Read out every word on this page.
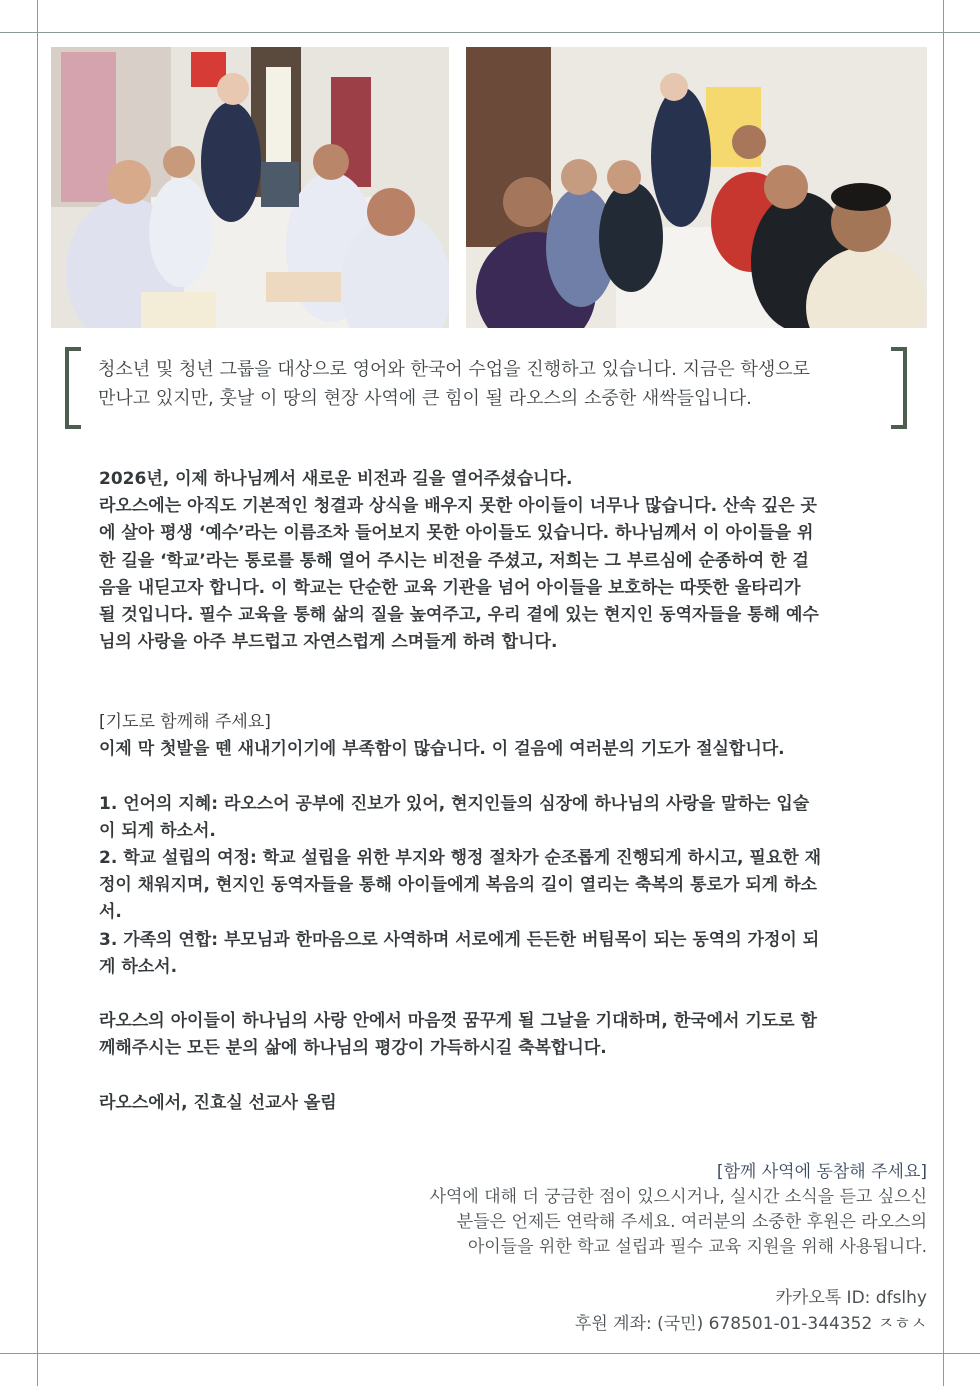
청소년 및 청년 그룹을 대상으로 영어와 한국어 수업을 진행하고 있습니다. 지금은 학생으로
만나고 있지만, 훗날 이 땅의 현장 사역에 큰 힘이 될 라오스의 소중한 새싹들입니다.
2026년, 이제 하나님께서 새로운 비전과 길을 열어주셨습니다.
라오스에는 아직도 기본적인 청결과 상식을 배우지 못한 아이들이 너무나 많습니다. 산속 깊은 곳
에 살아 평생 ‘예수’라는 이름조차 들어보지 못한 아이들도 있습니다. 하나님께서 이 아이들을 위
한 길을 ‘학교’라는 통로를 통해 열어 주시는 비전을 주셨고, 저희는 그 부르심에 순종하여 한 걸
음을 내딛고자 합니다. 이 학교는 단순한 교육 기관을 넘어 아이들을 보호하는 따뜻한 울타리가
될 것입니다. 필수 교육을 통해 삶의 질을 높여주고, 우리 곁에 있는 현지인 동역자들을 통해 예수
님의 사랑을 아주 부드럽고 자연스럽게 스며들게 하려 합니다.
[기도로 함께해 주세요]
이제 막 첫발을 뗀 새내기이기에 부족함이 많습니다. 이 걸음에 여러분의 기도가 절실합니다.
1. 언어의 지혜: 라오스어 공부에 진보가 있어, 현지인들의 심장에 하나님의 사랑을 말하는 입술
이 되게 하소서.
2. 학교 설립의 여정: 학교 설립을 위한 부지와 행정 절차가 순조롭게 진행되게 하시고, 필요한 재
정이 채워지며, 현지인 동역자들을 통해 아이들에게 복음의 길이 열리는 축복의 통로가 되게 하소
서.
3. 가족의 연합: 부모님과 한마음으로 사역하며 서로에게 든든한 버팀목이 되는 동역의 가정이 되
게 하소서.
라오스의 아이들이 하나님의 사랑 안에서 마음껏 꿈꾸게 될 그날을 기대하며, 한국에서 기도로 함
께해주시는 모든 분의 삶에 하나님의 평강이 가득하시길 축복합니다.
라오스에서, 진효실 선교사 올림
[함께 사역에 동참해 주세요]
사역에 대해 더 궁금한 점이 있으시거나, 실시간 소식을 듣고 싶으신
분들은 언제든 연락해 주세요. 여러분의 소중한 후원은 라오스의
아이들을 위한 학교 설립과 필수 교육 지원을 위해 사용됩니다.
카카오톡 ID: dfslhy
후원 계좌: (국민) 678501-01-344352 ㅈㅎㅅ
